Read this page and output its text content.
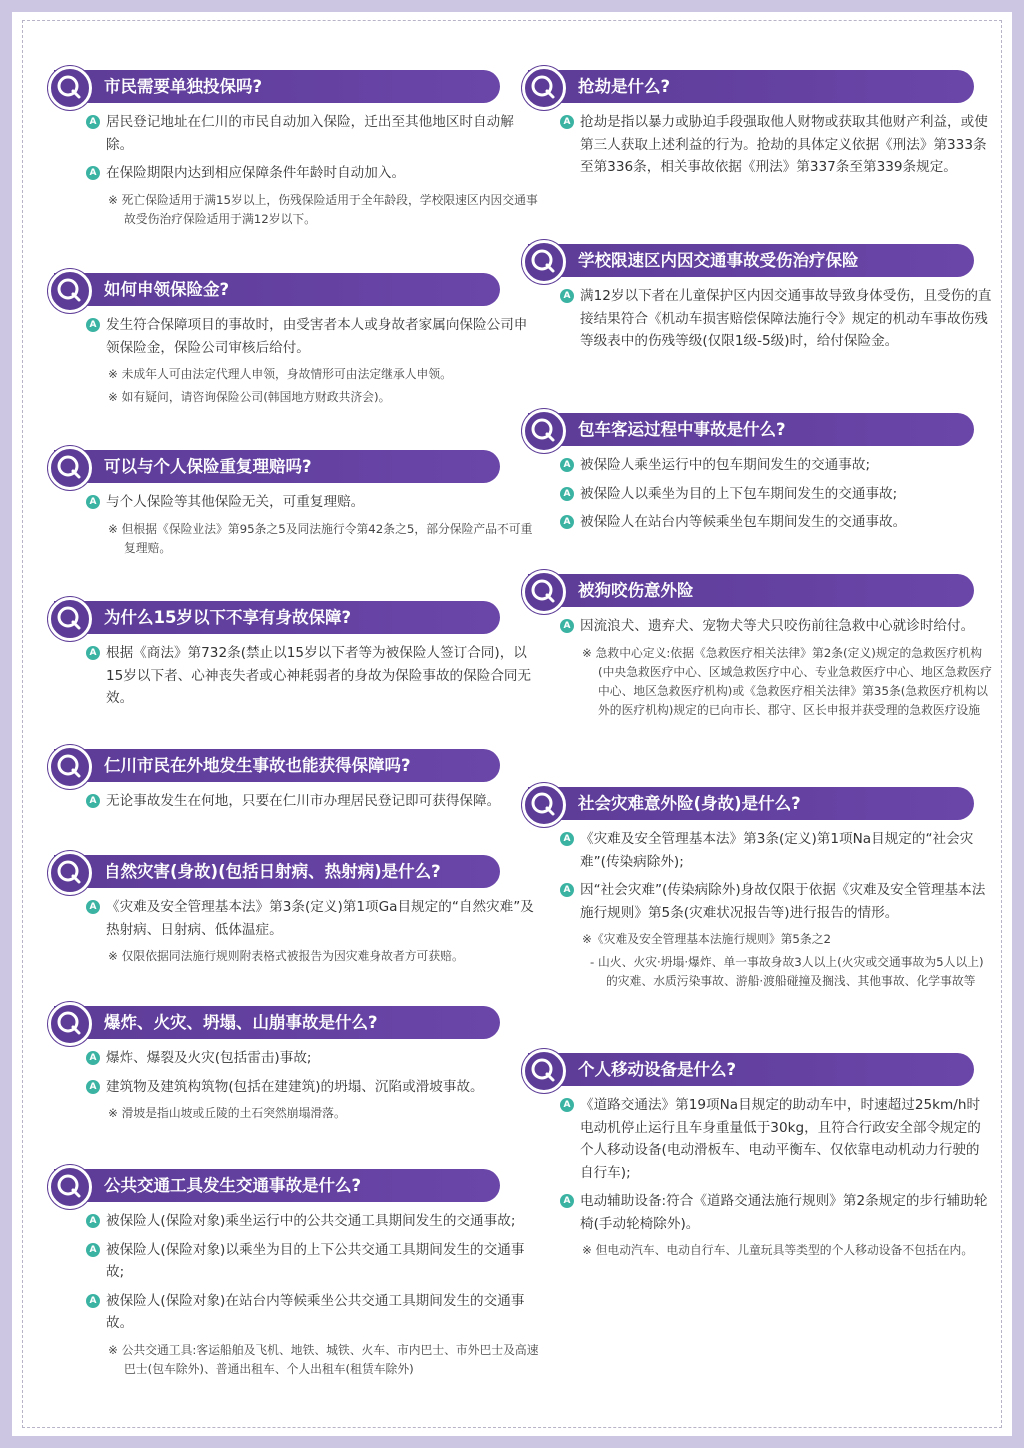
市民需要单独投保吗?
A 居民登记地址在仁川的市民自动加入保险，迁出至其他地区时自动解除。
A 在保险期限内达到相应保障条件年龄时自动加入。
※ 死亡保险适用于满15岁以上，伤残保险适用于全年龄段，学校限速区内因交通事故受伤治疗保险适用于满12岁以下。
如何申领保险金?
A 发生符合保障项目的事故时，由受害者本人或身故者家属向保险公司申领保险金，保险公司审核后给付。
※ 未成年人可由法定代理人申领，身故情形可由法定继承人申领。
※ 如有疑问，请咨询保险公司(韩国地方财政共济会)。
可以与个人保险重复理赔吗?
A 与个人保险等其他保险无关，可重复理赔。
※ 但根据《保险业法》第95条之5及同法施行令第42条之5，部分保险产品不可重复理赔。
为什么15岁以下不享有身故保障?
A 根据《商法》第732条(禁止以15岁以下者等为被保险人签订合同)，以15岁以下者、心神丧失者或心神耗弱者的身故为保险事故的保险合同无效。
仁川市民在外地发生事故也能获得保障吗?
A 无论事故发生在何地，只要在仁川市办理居民登记即可获得保障。
自然灾害(身故)(包括日射病、热射病)是什么?
A 《灾难及安全管理基本法》第3条(定义)第1项Ga目规定的“自然灾难”及热射病、日射病、低体温症。
※ 仅限依据同法施行规则附表格式被报告为因灾难身故者方可获赔。
爆炸、火灾、坍塌、山崩事故是什么?
A 爆炸、爆裂及火灾(包括雷击)事故;
A 建筑物及建筑构筑物(包括在建建筑)的坍塌、沉陷或滑坡事故。
※ 滑坡是指山坡或丘陵的土石突然崩塌滑落。
公共交通工具发生交通事故是什么?
A 被保险人(保险对象)乘坐运行中的公共交通工具期间发生的交通事故;
A 被保险人(保险对象)以乘坐为目的上下公共交通工具期间发生的交通事故;
A 被保险人(保险对象)在站台内等候乘坐公共交通工具期间发生的交通事故。
※ 公共交通工具:客运船舶及飞机、地铁、城铁、火车、市内巴士、市外巴士及高速巴士(包车除外)、普通出租车、个人出租车(租赁车除外)
抢劫是什么?
A 抢劫是指以暴力或胁迫手段强取他人财物或获取其他财产利益，或使第三人获取上述利益的行为。抢劫的具体定义依据《刑法》第333条至第336条，相关事故依据《刑法》第337条至第339条规定。
学校限速区内因交通事故受伤治疗保险
A 满12岁以下者在儿童保护区内因交通事故导致身体受伤，且受伤的直接结果符合《机动车损害赔偿保障法施行令》规定的机动车事故伤残等级表中的伤残等级(仅限1级-5级)时，给付保险金。
包车客运过程中事故是什么?
A 被保险人乘坐运行中的包车期间发生的交通事故;
A 被保险人以乘坐为目的上下包车期间发生的交通事故;
A 被保险人在站台内等候乘坐包车期间发生的交通事故。
被狗咬伤意外险
A 因流浪犬、遗弃犬、宠物犬等犬只咬伤前往急救中心就诊时给付。
※ 急救中心定义:依据《急救医疗相关法律》第2条(定义)规定的急救医疗机构(中央急救医疗中心、区域急救医疗中心、专业急救医疗中心、地区急救医疗中心、地区急救医疗机构)或《急救医疗相关法律》第35条(急救医疗机构以外的医疗机构)规定的已向市长、郡守、区长申报并获受理的急救医疗设施
社会灾难意外险(身故)是什么?
A 《灾难及安全管理基本法》第3条(定义)第1项Na目规定的“社会灾难”(传染病除外);
A 因“社会灾难”(传染病除外)身故仅限于依据《灾难及安全管理基本法施行规则》第5条(灾难状况报告等)进行报告的情形。
※《灾难及安全管理基本法施行规则》第5条之2
- 山火、火灾·坍塌·爆炸、单一事故身故3人以上(火灾或交通事故为5人以上)的灾难、水质污染事故、游船·渡船碰撞及搁浅、其他事故、化学事故等
个人移动设备是什么?
A 《道路交通法》第19项Na目规定的助动车中，时速超过25km/h时电动机停止运行且车身重量低于30kg，且符合行政安全部令规定的个人移动设备(电动滑板车、电动平衡车、仅依靠电动机动力行驶的自行车);
A 电动辅助设备:符合《道路交通法施行规则》第2条规定的步行辅助轮椅(手动轮椅除外)。
※ 但电动汽车、电动自行车、儿童玩具等类型的个人移动设备不包括在内。
